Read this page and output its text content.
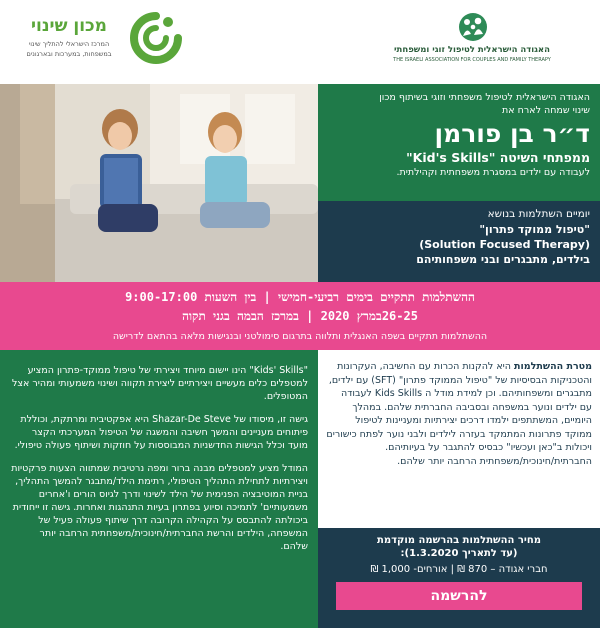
האגודה הישראלית לטיפול זוגי ומשפחתי
THE ISRAELI ASSOCIATION FOR COUPLES AND FAMILY THERAPY
מכון שינוי
המרכז הישראלי להתליך שינוי
במשפחות, במערכות ובארגונים
האגודה הישראלית לטיפול משפחתי וזוגי בשיתוף מכון
שינוי שמחה לארח את
ד״ר בן פורמן
ממפתחי השיטה "Kid's Skills"
לעבודה עם ילדים במסגרת משפחתית וקהילתית.
יומיים השתלמות בנושא
"טיפול ממוקד פתרון"
(Solution Focused Therapy)
בילדים, מתבגרים ובני משפחותיהם
ההשתלמות תתקיים בימים רביעי-חמישי | בין השעות 9:00-17:00
26-25במרץ 2020 | במרכז הבמה בגני תקוה
ההשתלמות תתקיים בשפה האנגלית ותלווה בתרגום סימולטני ובנגישות מלאה בהתאם לדרישה

"Kids' Skills" הינו יישום מיוחד ויצירתי של טיפול ממוקד-פתרון המציע למטפלים כלים מעשיים ויצירתיים ליצירת תקווה ושינוי משמעותי ומהיר אצל המטופלים.

גישה זו, מיסודו של Shazar-De Steve היא אפקטיבית ומרתקת, וכוללת פיתוחים מעניינים והמשך חשיבה והמשגה של הטיפול המערכתי הקצר מועד וכלל הגישות החדשניות המבוססות על חוזקות ושיתוף פעולה טיפולי.

המודל מציע למטפלים מבנה ברור ומפה נרטיבית שמתווה הצעות פרקטיות ויצירתיות לתחילת התהליך הטיפולי, רתימת הילד/מתבגר להמשך התהליך, בניית המוטיבציה הפנימית של הילד לשינוי ודרך לגיוס הורים ו'אחרים משמעותיים' לתמיכה וסיוע בפתרון בעיות התנהגות ואחרות. גישה זו ייחודית ביכולתה להתבסס על הקהילה הקרובה דרך שיתוף פעולה פעיל של המשפחה, הילדים והרשת החברתית/חינוכית/משפחתית הרחבה יותר שלהם.

מטרת ההשתלמות היא להקנות הכרות עם החשיבה, העקרונות והטכניקות הבסיסיות של "טיפול הממוקד פתרון" (SFT) עם ילדים, מתבגרים ומשפחותיהם. וכן למידת מודל ה Kids Skills לעבודה עם ילדים ונוער במשפחה ובסביבה החברתית שלהם. במהלך היומיים, המשתתפים ילמדו דרכים יצירתיות ומעניינות לטיפול ממוקד פתרונות המתמקד בעזרה לילדים ולבני נוער לפתח כישורים ויכולות ב"כאן ועכשיו" כבסיס להתגבר על בעיותיהם. החברתית/חינוכית/משפחתית הרחבה יותר שלהם.
מחיר ההשתלמות בהרשמה מוקדמת
(עד לתאריך 1.3.2020):
חברי אגודה – 870 ₪ | אורחים- 1,000 ₪
להרשמה
